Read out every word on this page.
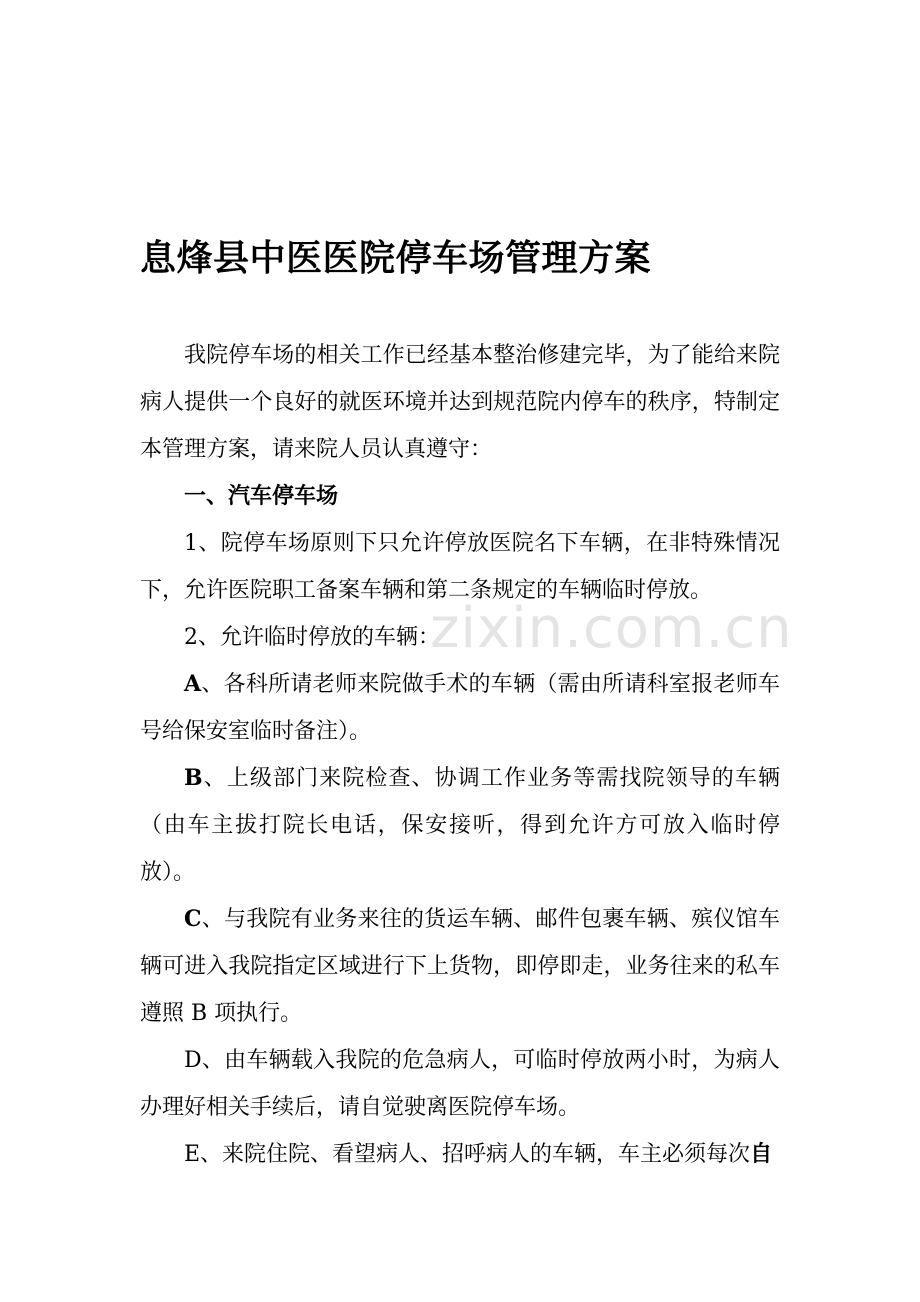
息烽县中医医院停车场管理方案

我院停车场的相关工作已经基本整治修建完毕，为了能给来院病人提供一个良好的就医环境并达到规范院内停车的秩序，特制定本管理方案，请来院人员认真遵守：

一、汽车停车场

1、院停车场原则下只允许停放医院名下车辆，在非特殊情况下，允许医院职工备案车辆和第二条规定的车辆临时停放。

2、允许临时停放的车辆：

A、各科所请老师来院做手术的车辆（需由所请科室报老师车号给保安室临时备注）。

B、上级部门来院检查、协调工作业务等需找院领导的车辆（由车主拔打院长电话，保安接听，得到允许方可放入临时停放）。

C、与我院有业务来往的货运车辆、邮件包裹车辆、殡仪馆车辆可进入我院指定区域进行下上货物，即停即走，业务往来的私车遵照 B 项执行。

D、由车辆载入我院的危急病人，可临时停放两小时，为病人办理好相关手续后，请自觉驶离医院停车场。

E、来院住院、看望病人、招呼病人的车辆，车主必须每次自

zixin.com.cn
